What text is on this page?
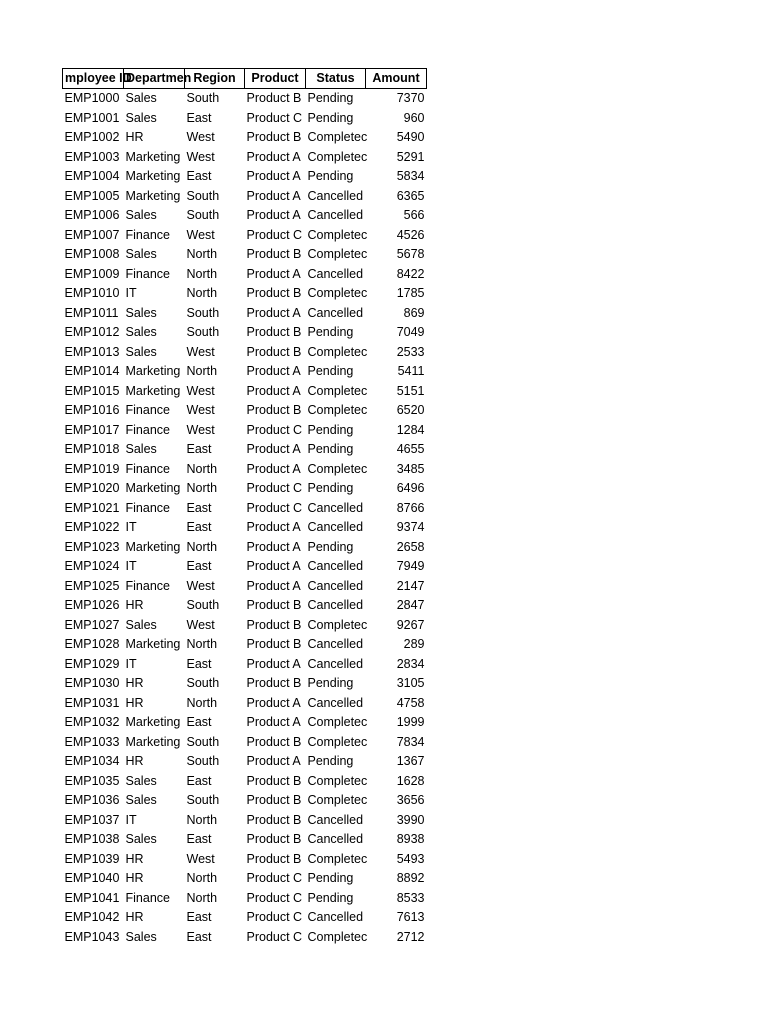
mployee ID	Departmen	Region	Product	Status	Amount
EMP1000	Sales	South	Product B	Pending	7370
EMP1001	Sales	East	Product C	Pending	960
EMP1002	HR	West	Product B	Completec	5490
EMP1003	Marketing	West	Product A	Completec	5291
EMP1004	Marketing	East	Product A	Pending	5834
EMP1005	Marketing	South	Product A	Cancelled	6365
EMP1006	Sales	South	Product A	Cancelled	566
EMP1007	Finance	West	Product C	Completec	4526
EMP1008	Sales	North	Product B	Completec	5678
EMP1009	Finance	North	Product A	Cancelled	8422
EMP1010	IT	North	Product B	Completec	1785
EMP1011	Sales	South	Product A	Cancelled	869
EMP1012	Sales	South	Product B	Pending	7049
EMP1013	Sales	West	Product B	Completec	2533
EMP1014	Marketing	North	Product A	Pending	5411
EMP1015	Marketing	West	Product A	Completec	5151
EMP1016	Finance	West	Product B	Completec	6520
EMP1017	Finance	West	Product C	Pending	1284
EMP1018	Sales	East	Product A	Pending	4655
EMP1019	Finance	North	Product A	Completec	3485
EMP1020	Marketing	North	Product C	Pending	6496
EMP1021	Finance	East	Product C	Cancelled	8766
EMP1022	IT	East	Product A	Cancelled	9374
EMP1023	Marketing	North	Product A	Pending	2658
EMP1024	IT	East	Product A	Cancelled	7949
EMP1025	Finance	West	Product A	Cancelled	2147
EMP1026	HR	South	Product B	Cancelled	2847
EMP1027	Sales	West	Product B	Completec	9267
EMP1028	Marketing	North	Product B	Cancelled	289
EMP1029	IT	East	Product A	Cancelled	2834
EMP1030	HR	South	Product B	Pending	3105
EMP1031	HR	North	Product A	Cancelled	4758
EMP1032	Marketing	East	Product A	Completec	1999
EMP1033	Marketing	South	Product B	Completec	7834
EMP1034	HR	South	Product A	Pending	1367
EMP1035	Sales	East	Product B	Completec	1628
EMP1036	Sales	South	Product B	Completec	3656
EMP1037	IT	North	Product B	Cancelled	3990
EMP1038	Sales	East	Product B	Cancelled	8938
EMP1039	HR	West	Product B	Completec	5493
EMP1040	HR	North	Product C	Pending	8892
EMP1041	Finance	North	Product C	Pending	8533
EMP1042	HR	East	Product C	Cancelled	7613
EMP1043	Sales	East	Product C	Completec	2712
